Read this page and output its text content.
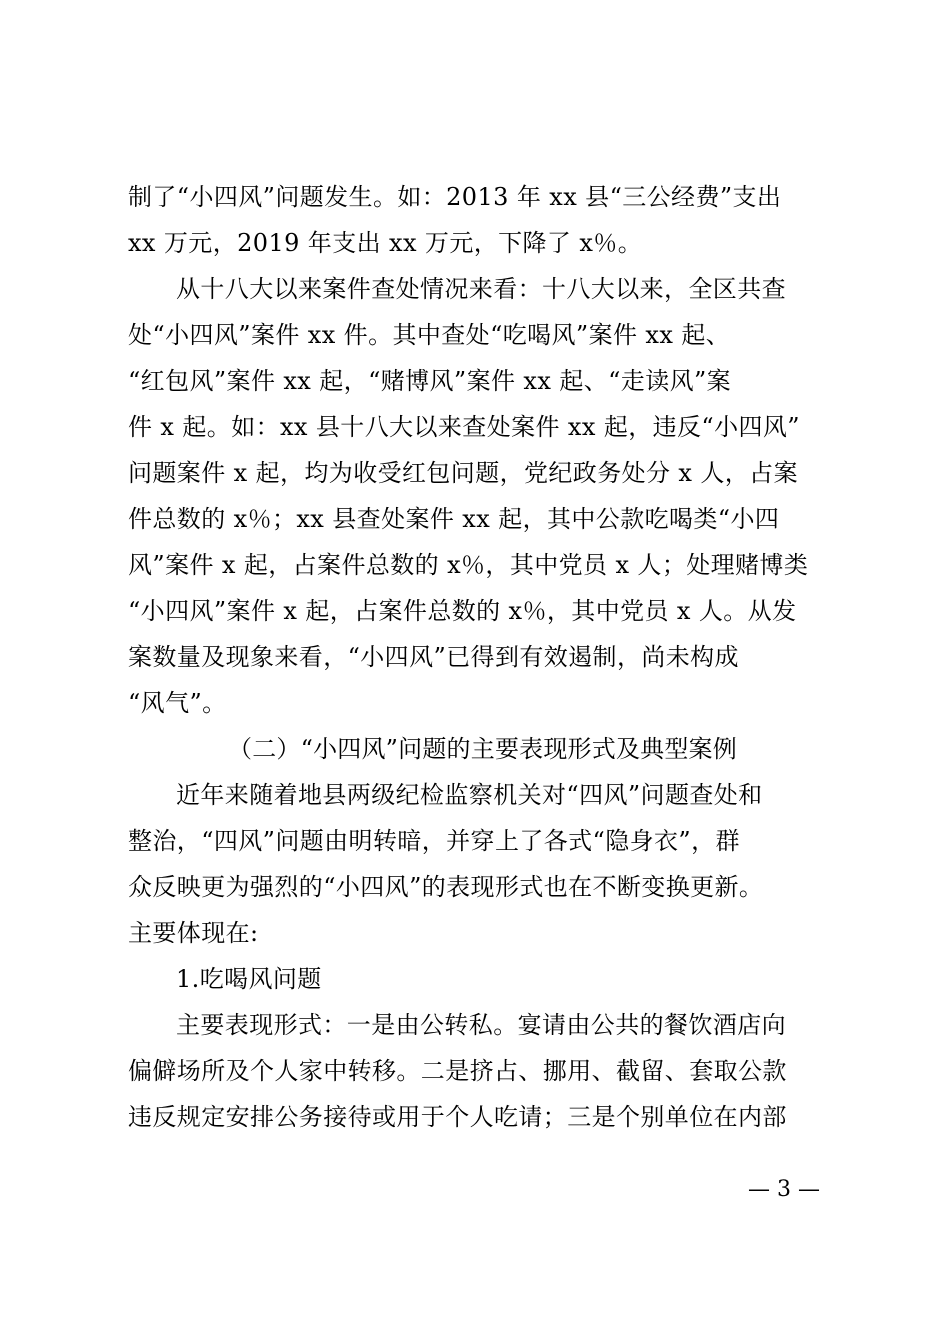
制了“小四风”问题发生。如：2013 年 xx 县“三公经费”支出
xx 万元，2019 年支出 xx 万元，下降了 x％。
从十八大以来案件查处情况来看：十八大以来，全区共查
处“小四风”案件 xx 件。其中查处“吃喝风”案件 xx 起、
“红包风”案件 xx 起，“赌博风”案件 xx 起、“走读风”案
件 x 起。如：xx 县十八大以来查处案件 xx 起，违反“小四风”
问题案件 x 起，均为收受红包问题，党纪政务处分 x 人，占案
件总数的 x％；xx 县查处案件 xx 起，其中公款吃喝类“小四
风”案件 x 起，占案件总数的 x％，其中党员 x 人；处理赌博类
“小四风”案件 x 起，占案件总数的 x％，其中党员 x 人。从发
案数量及现象来看，“小四风”已得到有效遏制，尚未构成
“风气”。
（二）“小四风”问题的主要表现形式及典型案例
近年来随着地县两级纪检监察机关对“四风”问题查处和
整治，“四风”问题由明转暗，并穿上了各式“隐身衣”，群
众反映更为强烈的“小四风”的表现形式也在不断变换更新。
主要体现在:
1.吃喝风问题
主要表现形式：一是由公转私。宴请由公共的餐饮酒店向
偏僻场所及个人家中转移。二是挤占、挪用、截留、套取公款
违反规定安排公务接待或用于个人吃请；三是个别单位在内部
— 3 —
